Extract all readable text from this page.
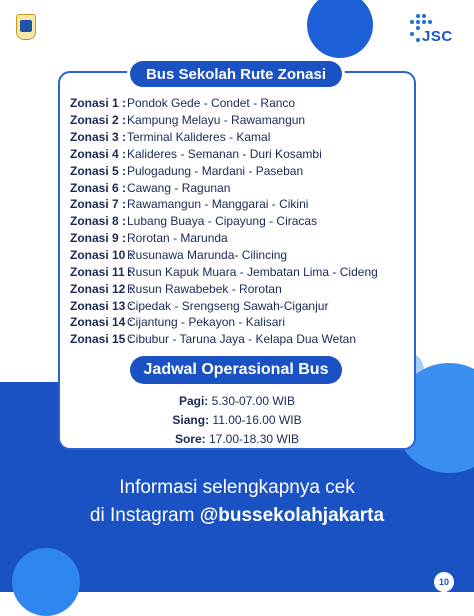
JSC
Bus Sekolah Rute Zonasi
Zonasi 1 : Pondok Gede - Condet - Ranco
Zonasi 2 : Kampung Melayu - Rawamangun
Zonasi 3 : Terminal Kalideres - Kamal
Zonasi 4 : Kalideres - Semanan - Duri Kosambi
Zonasi 5 : Pulogadung - Mardani - Paseban
Zonasi 6 : Cawang - Ragunan
Zonasi 7 : Rawamangun - Manggarai - Cikini
Zonasi 8 : Lubang Buaya - Cipayung - Ciracas
Zonasi 9 : Rorotan - Marunda
Zonasi 10 :
Rusunawa Marunda- Cilincing
Zonasi 11 :
Rusun Kapuk Muara - Jembatan Lima - Cideng
Zonasi 12 :
Rusun Rawabebek - Rorotan
Zonasi 13 :
Cipedak - Srengseng Sawah-Ciganjur
Zonasi 14 :
Cijantung - Pekayon - Kalisari
Zonasi 15 :
Cibubur - Taruna Jaya - Kelapa Dua Wetan
Jadwal Operasional Bus
Pagi: 5.30-07.00 WIB
Siang: 11.00-16.00 WIB
Sore: 17.00-18.30 WIB
Informasi selengkapnya cek
di Instagram @bussekolahjakarta
10
